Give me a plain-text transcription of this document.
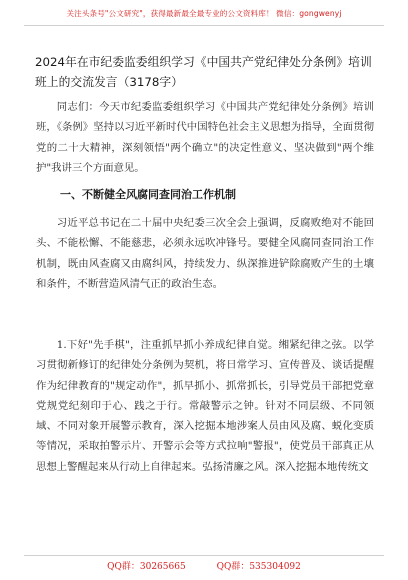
关注头条号"公文研究"，获得最新最全最专业的公文资料库！ 微信：gongwenyj
2024年在市纪委监委组织学习《中国共产党纪律处分条例》培训班上的交流发言（3178字）

同志们：今天市纪委监委组织学习《中国共产党纪律处分条例》培训班，《条例》坚持以习近平新时代中国特色社会主义思想为指导，全面贯彻党的二十大精神，深刻领悟"两个确立"的决定性意义、坚决做到"两个维护"我讲三个方面意见。

一、不断健全风腐同查同治工作机制

习近平总书记在二十届中央纪委三次全会上强调，反腐败绝对不能回头、不能松懈、不能慈悲，必须永远吹冲锋号。要健全风腐同查同治工作机制，既由风查腐又由腐纠风，持续发力、纵深推进铲除腐败产生的土壤和条件，不断营造风清气正的政治生态。

1.下好"先手棋"，注重抓早抓小养成纪律自觉。缃紧纪律之弦。以学习贯彻新修订的纪律处分条例为契机，将日常学习、宣传普及、谈话提醒作为纪律教育的"规定动作"，抓早抓小、抓常抓长，引导党员干部把党章党规党纪刻印于心、践之于行。常敲警示之钟。针对不同层级、不同领域、不同对象开展警示教育，深入挖掘本地涉案人员由风及腐、蜕化变质等情况，采取拍警示片、开警示会等方式拉响"警报"，使党员干部真正从思想上警醒起来从行动上自律起来。弘扬清廉之风。深入挖掘本地传统文

QQ群：30265665	QQ群：535304092
